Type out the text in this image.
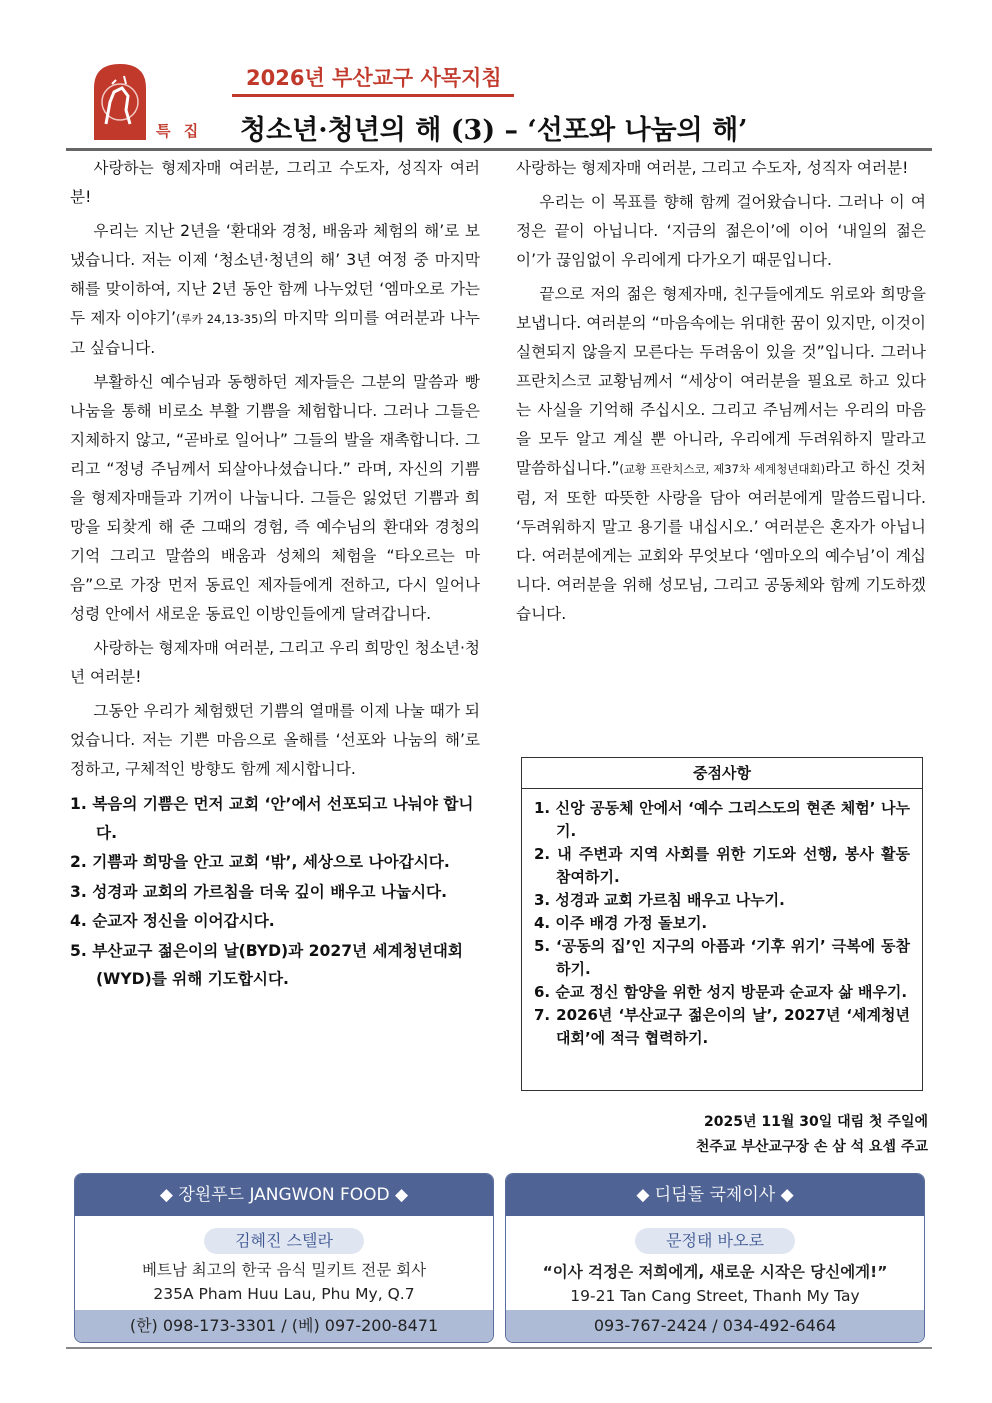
특 집
2026년 부산교구 사목지침
청소년·청년의 해 (3) – ‘선포와 나눔의 해’

사랑하는 형제자매 여러분, 그리고 수도자, 성직자 여러분!

우리는 지난 2년을 ‘환대와 경청, 배움과 체험의 해’로 보냈습니다. 저는 이제 ‘청소년·청년의 해’ 3년 여정 중 마지막 해를 맞이하여, 지난 2년 동안 함께 나누었던 ‘엠마오로 가는 두 제자 이야기’(루카 24,13-35)의 마지막 의미를 여러분과 나누고 싶습니다.

부활하신 예수님과 동행하던 제자들은 그분의 말씀과 빵 나눔을 통해 비로소 부활 기쁨을 체험합니다. 그러나 그들은 지체하지 않고, “곧바로 일어나” 그들의 발을 재촉합니다. 그리고 “정녕 주님께서 되살아나셨습니다.” 라며, 자신의 기쁨을 형제자매들과 기꺼이 나눕니다. 그들은 잃었던 기쁨과 희망을 되찾게 해 준 그때의 경험, 즉 예수님의 환대와 경청의 기억 그리고 말씀의 배움과 성체의 체험을 “타오르는 마음”으로 가장 먼저 동료인 제자들에게 전하고, 다시 일어나 성령 안에서 새로운 동료인 이방인들에게 달려갑니다.

사랑하는 형제자매 여러분, 그리고 우리 희망인 청소년·청년 여러분!

그동안 우리가 체험했던 기쁨의 열매를 이제 나눌 때가 되었습니다. 저는 기쁜 마음으로 올해를 ‘선포와 나눔의 해’로 정하고, 구체적인 방향도 함께 제시합니다.

1. 복음의 기쁨은 먼저 교회 ‘안’에서 선포되고 나눠야 합니다.
2. 기쁨과 희망을 안고 교회 ‘밖’, 세상으로 나아갑시다.
3. 성경과 교회의 가르침을 더욱 깊이 배우고 나눕시다.
4. 순교자 정신을 이어갑시다.
5. 부산교구 젊은이의 날(BYD)과 2027년 세계청년대회(WYD)를 위해 기도합시다.

사랑하는 형제자매 여러분, 그리고 수도자, 성직자 여러분!

우리는 이 목표를 향해 함께 걸어왔습니다. 그러나 이 여정은 끝이 아닙니다. ‘지금의 젊은이’에 이어 ‘내일의 젊은이’가 끊임없이 우리에게 다가오기 때문입니다.

끝으로 저의 젊은 형제자매, 친구들에게도 위로와 희망을 보냅니다. 여러분의 “마음속에는 위대한 꿈이 있지만, 이것이 실현되지 않을지 모른다는 두려움이 있을 것”입니다. 그러나 프란치스코 교황님께서 “세상이 여러분을 필요로 하고 있다는 사실을 기억해 주십시오. 그리고 주님께서는 우리의 마음을 모두 알고 계실 뿐 아니라, 우리에게 두려워하지 말라고 말씀하십니다.”(교황 프란치스코, 제37차 세계청년대회)라고 하신 것처럼, 저 또한 따뜻한 사랑을 담아 여러분에게 말씀드립니다. ‘두려워하지 말고 용기를 내십시오.’ 여러분은 혼자가 아닙니다. 여러분에게는 교회와 무엇보다 ‘엠마오의 예수님’이 계십니다. 여러분을 위해 성모님, 그리고 공동체와 함께 기도하겠습니다.

중점사항
1. 신앙 공동체 안에서 ‘예수 그리스도의 현존 체험’ 나누기.
2. 내 주변과 지역 사회를 위한 기도와 선행, 봉사 활동 참여하기.
3. 성경과 교회 가르침 배우고 나누기.
4. 이주 배경 가정 돌보기.
5. ‘공동의 집’인 지구의 아픔과 ‘기후 위기’ 극복에 동참하기.
6. 순교 정신 함양을 위한 성지 방문과 순교자 삶 배우기.
7. 2026년 ‘부산교구 젊은이의 날’, 2027년 ‘세계청년대회’에 적극 협력하기.
2025년 11월 30일 대림 첫 주일에
천주교 부산교구장 손 삼 석 요셉 주교
◆ 장원푸드 JANGWON FOOD ◆
김혜진 스텔라
베트남 최고의 한국 음식 밀키트 전문 회사
235A Pham Huu Lau, Phu My, Q.7
(한) 098-173-3301 / (베) 097-200-8471
◆ 디딤돌 국제이사 ◆
문정태 바오로
“이사 걱정은 저희에게, 새로운 시작은 당신에게!”
19-21 Tan Cang Street, Thanh My Tay
093-767-2424 / 034-492-6464
